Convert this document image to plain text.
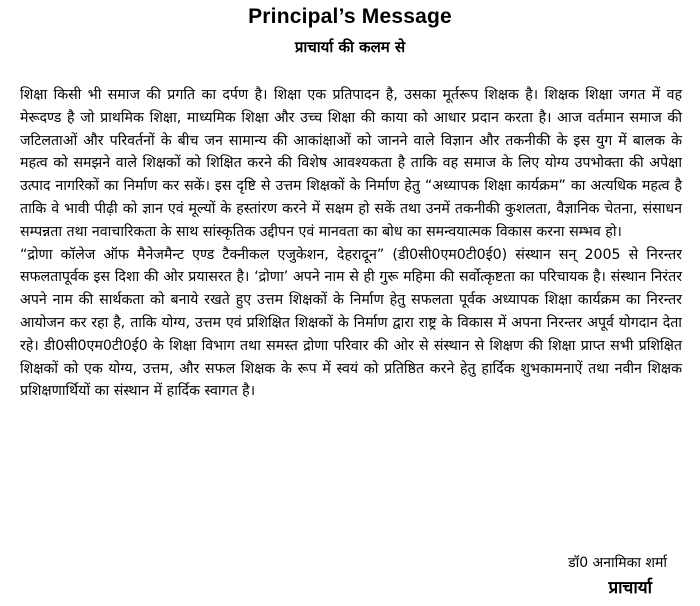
Principal’s Message
प्राचार्या की कलम से

शिक्षा किसी भी समाज की प्रगति का दर्पण है। शिक्षा एक प्रतिपादन है, उसका मूर्तरूप शिक्षक है। शिक्षक शिक्षा जगत में वह मेरूदण्ड है जो प्राथमिक शिक्षा, माध्यमिक शिक्षा और उच्च शिक्षा की काया को आधार प्रदान करता है। आज वर्तमान समाज की जटिलताओं और परिवर्तनों के बीच जन सामान्य की आकांक्षाओं को जानने वाले विज्ञान और तकनीकी के इस युग में बालक के महत्व को समझने वाले शिक्षकों को शिक्षित करने की विशेष आवश्यकता है ताकि वह समाज के लिए योग्य उपभोक्ता की अपेक्षा उत्पाद नागरिकों का निर्माण कर सकें। इस दृष्टि से उत्तम शिक्षकों के निर्माण हेतु “अध्यापक शिक्षा कार्यक्रम” का अत्यधिक महत्व है ताकि वे भावी पीढ़ी को ज्ञान एवं मूल्यों के हस्तांरण करने में सक्षम हो सकें तथा उनमें तकनीकी कुशलता, वैज्ञानिक चेतना, संसाधन सम्पन्नता तथा नवाचारिकता के साथ सांस्कृतिक उद्दीपन एवं मानवता का बोध का समन्वयात्मक विकास करना सम्भव हो।

“द्रोणा कॉलेज ऑफ मैनेजमैन्ट एण्ड टैक्नीकल एजुकेशन, देहरादून” (डी0सी0एम0टी0ई0) संस्थान सन् 2005 से निरन्तर सफलतापूर्वक इस दिशा की ओर प्रयासरत है। ‘द्रोणा’ अपने नाम से ही गुरू महिमा की सर्वोत्कृष्टता का परिचायक है। संस्थान निरंतर अपने नाम की सार्थकता को बनाये रखते हुए उत्तम शिक्षकों के निर्माण हेतु सफलता पूर्वक अध्यापक शिक्षा कार्यक्रम का निरन्तर आयोजन कर रहा है, ताकि योग्य, उत्तम एवं प्रशिक्षित शिक्षकों के निर्माण द्वारा राष्ट्र के विकास में अपना निरन्तर अपूर्व योगदान देता रहे। डी0सी0एम0टी0ई0 के शिक्षा विभाग तथा समस्त द्रोणा परिवार की ओर से संस्थान से शिक्षण की शिक्षा प्राप्त सभी प्रशिक्षित शिक्षकों को एक योग्य, उत्तम, और सफल शिक्षक के रूप में स्वयं को प्रतिष्ठित करने हेतु हार्दिक शुभकामनाऐं तथा नवीन शिक्षक प्रशिक्षणार्थियों का संस्थान में हार्दिक स्वागत है।

डॉ0 अनामिका शर्मा
प्राचार्या
